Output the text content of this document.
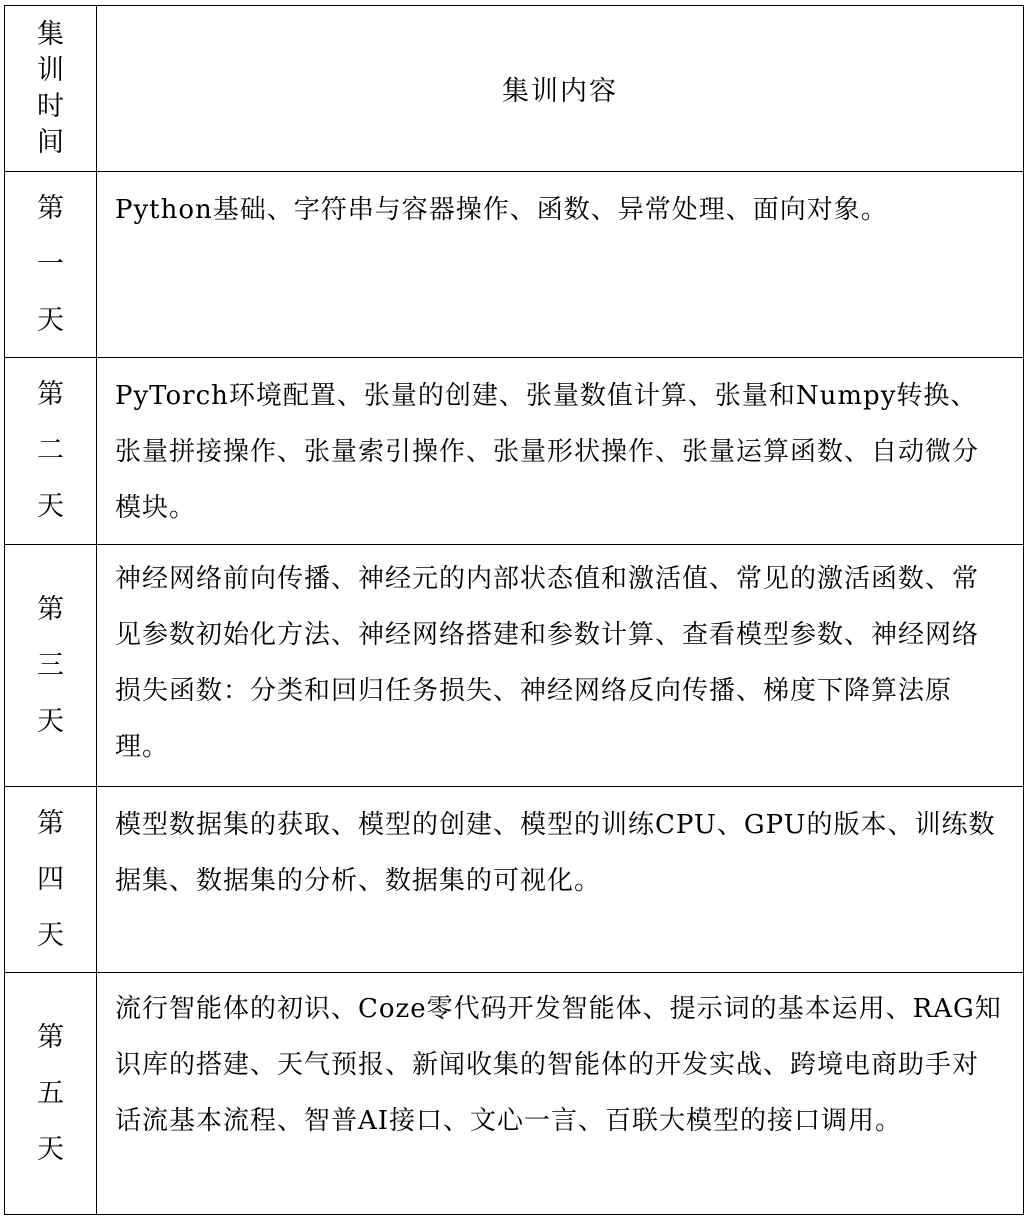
集
训
时
间	集训内容

第
一
天	Python基础、字符串与容器操作、函数、异常处理、面向对象。

第
二
天	PyTorch环境配置、张量的创建、张量数值计算、张量和Numpy转换、张量拼接操作、张量索引操作、张量形状操作、张量运算函数、自动微分模块。

第
三
天	神经网络前向传播、神经元的内部状态值和激活值、常见的激活函数、常见参数初始化方法、神经网络搭建和参数计算、查看模型参数、神经网络损失函数：分类和回归任务损失、神经网络反向传播、梯度下降算法原理。

第
四
天	模型数据集的获取、模型的创建、模型的训练CPU、GPU的版本、训练数据集、数据集的分析、数据集的可视化。

第
五
天	流行智能体的初识、Coze零代码开发智能体、提示词的基本运用、RAG知识库的搭建、天气预报、新闻收集的智能体的开发实战、跨境电商助手对话流基本流程、智普AI接口、文心一言、百联大模型的接口调用。
